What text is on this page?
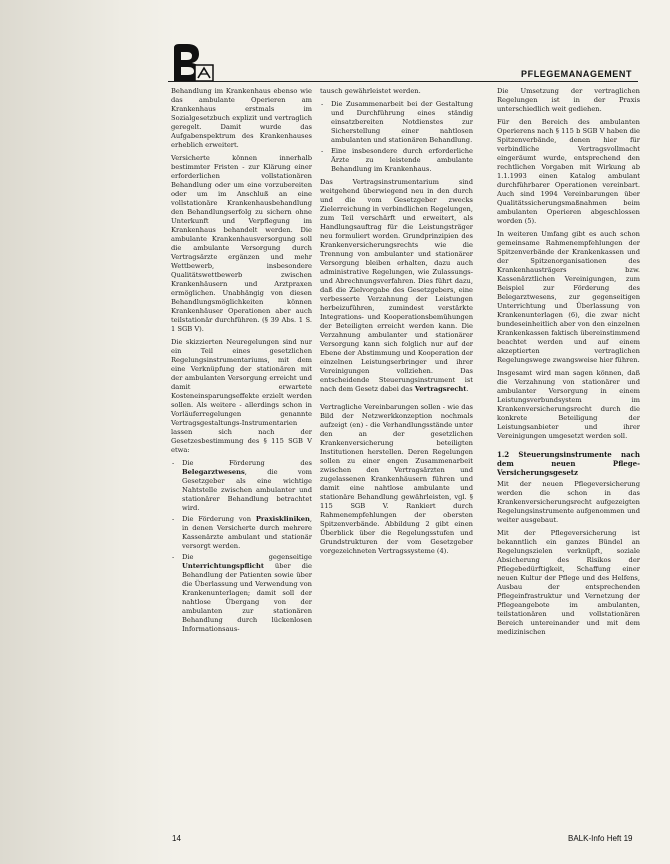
PFLEGEMANAGEMENT

Behandlung im Krankenhaus ebenso wie das ambulante Operieren am Krankenhaus erstmals im Sozialgesetzbuch explizit und vertraglich geregelt. Damit wurde das Aufgabenspektrum des Krankenhauses erheblich erweitert.

Versicherte können innerhalb bestimmter Fristen - zur Klärung einer erforderlichen vollstationären Behandlung oder um eine vorzubereiten oder um im Anschluß an eine vollstationäre Krankenhausbehandlung den Behandlungserfolg zu sichern ohne Unterkunft und Verpflegung im Krankenhaus behandelt werden. Die ambulante Krankenhausversorgung soll die ambulante Versorgung durch Vertragsärzte ergänzen und mehr Wettbewerb, insbesondere Qualitätswettbewerb zwischen Krankenhäusern und Arztpraxen ermöglichen. Unabhängig von diesen Behandlungsmöglichkeiten können Krankenhäuser Operationen aber auch teilstationär durchführen. (§ 39 Abs. 1 S. 1 SGB V).

Die skizzierten Neuregelungen sind nur ein Teil eines gesetzlichen Regelungsinstrumentariums, mit dem eine Verknüpfung der stationären mit der ambulanten Versorgung erreicht und damit erwartete Kosteneinsparungseffekte erzielt werden sollen. Als weitere - allerdings schon in Vorläuferregelungen genannte Vertragsgestaltungs-Instrumentarien lassen sich nach der Gesetzesbestimmung des § 115 SGB V etwa:

- Die Förderung des Belegarztwesens, die vom Gesetzgeber als eine wichtige Nahtstelle zwischen ambulanter und stationärer Behandlung betrachtet wird.
- Die Förderung von Praxiskliniken, in denen Versicherte durch mehrere Kassenärzte ambulant und stationär versorgt werden.
- Die gegenseitige Unterrichtungspflicht über die Behandlung der Patienten sowie über die Überlassung und Verwendung von Krankenunterlagen; damit soll der nahtlose Übergang von der ambulanten zur stationären Behandlung durch lückenlosen Informationsaus-

tausch gewährleistet werden.

- Die Zusammenarbeit bei der Gestaltung und Durchführung eines ständig einsatzbereiten Notdienstes zur Sicherstellung einer nahtlosen ambulanten und stationären Behandlung.
- Eine insbesondere durch erforderliche Ärzte zu leistende ambulante Behandlung im Krankenhaus.

Das Vertragsinstrumentarium sind weitgehend überwiegend neu in den durch und die vom Gesetzgeber zwecks Zielerreichung in verbindlichen Regelungen, zum Teil verschärft und erweitert, als Handlungsauftrag für die Leistungsträger neu formuliert worden. Grundprinzipien des Krankenversicherungsrechts wie die Trennung von ambulanter und stationärer Versorgung bleiben erhalten, dazu auch administrative Regelungen, wie Zulassungs- und Abrechnungsverfahren. Dies führt dazu, daß die Zielvorgabe des Gesetzgebers, eine verbesserte Verzahnung der Leistungen herbeizuführen, zumindest verstärkte Integrations- und Kooperationsbemühungen der Beteiligten erreicht werden kann. Die Verzahnung ambulanter und stationärer Versorgung kann sich folglich nur auf der Ebene der Abstimmung und Kooperation der einzelnen Leistungserbringer und ihrer Vereinigungen vollziehen. Das entscheidende Steuerungsinstrument ist nach dem Gesetz dabei das Vertragsrecht.

Vertragliche Vereinbarungen sollen - wie das Bild der Netzwerkkonzeption nochmals aufzeigt (en) - die Verhandlungsstände unter den an der gesetzlichen Krankenversicherung beteiligten Institutionen herstellen. Deren Regelungen sollen zu einer engen Zusammenarbeit zwischen den Vertragsärzten und zugelassenen Krankenhäusern führen und damit eine nahtlose ambulante und stationäre Behandlung gewährleisten, vgl. § 115 SGB V. Rankiert durch Rahmenempfehlungen der obersten Spitzenverbände. Abbildung 2 gibt einen Überblick über die Regelungsstufen und Grundstrukturen der vom Gesetzgeber vorgezeichneten Vertragssysteme (4).

Die Umsetzung der vertraglichen Regelungen ist in der Praxis unterschiedlich weit gediehen.

Für den Bereich des ambulanten Operierens nach § 115 b SGB V haben die Spitzenverbände, denen hier für verbindliche Vertragsvollmacht eingeräumt wurde, entsprechend den rechtlichen Vorgaben mit Wirkung ab 1.1.1993 einen Katalog ambulant durchführbarer Operationen vereinbart. Auch sind 1994 Vereinbarungen über Qualitätssicherungsmaßnahmen beim ambulanten Operieren abgeschlossen worden (5).

In weiteren Umfang gibt es auch schon gemeinsame Rahmenempfehlungen der Spitzenverbände der Krankenkassen und der Spitzenorganisationen des Krankenhausträgers bzw. Kassenärztlichen Vereinigungen, zum Beispiel zur Förderung des Belegarztwesens, zur gegenseitigen Unterrichtung und Überlassung von Krankenunterlagen (6), die zwar nicht bundeseinheitlich aber von den einzelnen Krankenkassen faktisch übereinstimmend beachtet werden und auf einem akzeptierten vertraglichen Regelungswege zwangsweise hier führen.

Insgesamt wird man sagen können, daß die Verzahnung von stationärer und ambulanter Versorgung in einem Leistungsverbundsystem im Krankenversicherungsrecht durch die konkrete Beteiligung der Leistungsanbieter und ihrer Vereinigungen umgesetzt werden soll.

1.2 Steuerungsinstrumente nach dem neuen Pflege-Versicherungsgesetz

Mit der neuen Pflegeversicherung werden die schon in das Krankenversicherungsrecht aufgezeigten Regelungsinstrumente aufgenommen und weiter ausgebaut.

Mit der Pflegeversicherung ist bekanntlich ein ganzes Bündel an Regelungszielen verknüpft, soziale Absicherung des Risikos der Pflegebedürftigkeit, Schaffung einer neuen Kultur der Pflege und des Helfens, Ausbau der entsprechenden Pflegeinfrastruktur und Vernetzung der Pflegeangebote im ambulanten, teilstationären und vollstationären Bereich untereinander und mit dem medizinischen

14	BALK-Info Heft 19
